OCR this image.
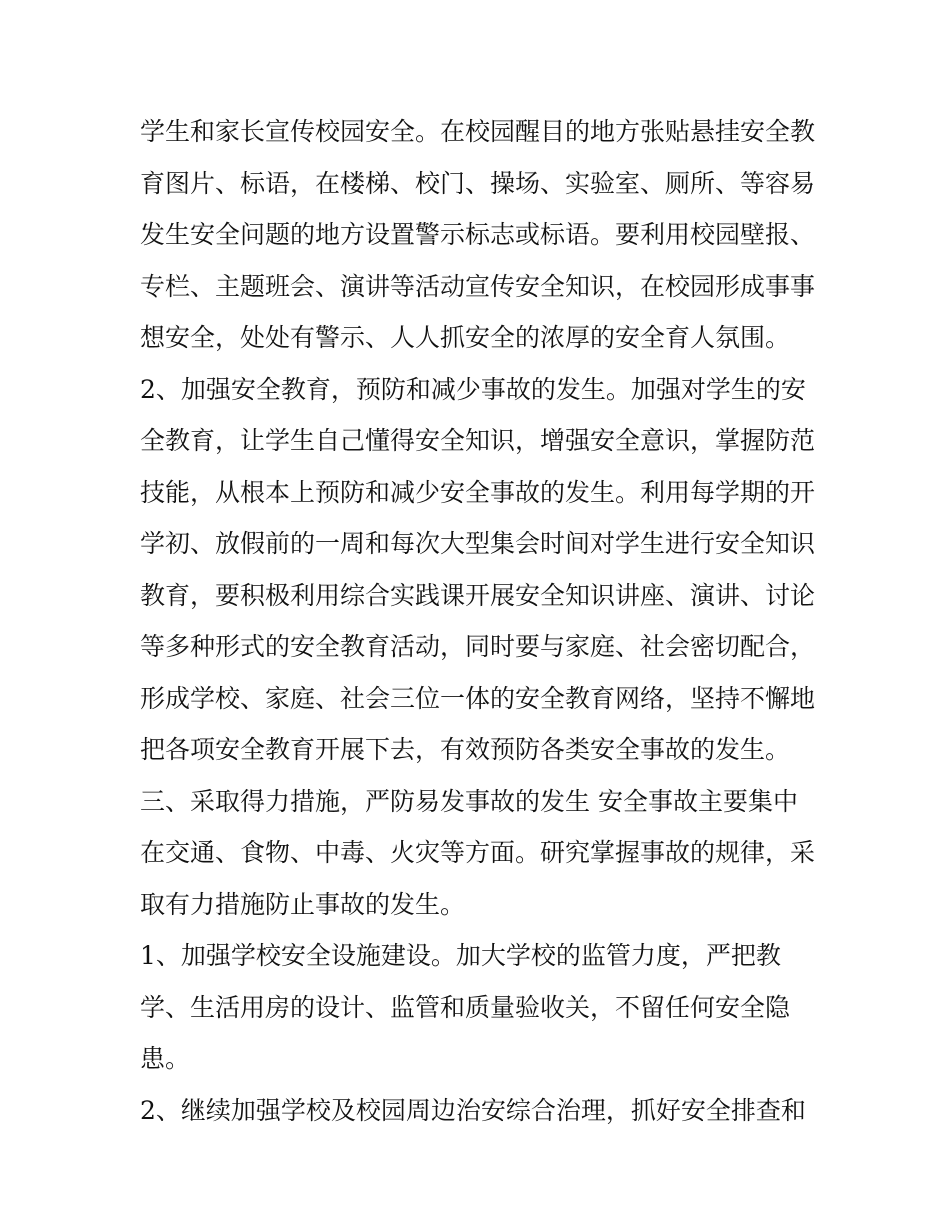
学生和家长宣传校园安全。在校园醒目的地方张贴悬挂安全教
育图片、标语，在楼梯、校门、操场、实验室、厕所、等容易
发生安全问题的地方设置警示标志或标语。要利用校园壁报、
专栏、主题班会、演讲等活动宣传安全知识，在校园形成事事
想安全，处处有警示、人人抓安全的浓厚的安全育人氛围。
2、加强安全教育，预防和减少事故的发生。加强对学生的安
全教育，让学生自己懂得安全知识，增强安全意识，掌握防范
技能，从根本上预防和减少安全事故的发生。利用每学期的开
学初、放假前的一周和每次大型集会时间对学生进行安全知识
教育，要积极利用综合实践课开展安全知识讲座、演讲、讨论
等多种形式的安全教育活动，同时要与家庭、社会密切配合，
形成学校、家庭、社会三位一体的安全教育网络，坚持不懈地
把各项安全教育开展下去，有效预防各类安全事故的发生。
三、采取得力措施，严防易发事故的发生 安全事故主要集中
在交通、食物、中毒、火灾等方面。研究掌握事故的规律，采
取有力措施防止事故的发生。
1、加强学校安全设施建设。加大学校的监管力度，严把教
学、生活用房的设计、监管和质量验收关，不留任何安全隐
患。
2、继续加强学校及校园周边治安综合治理，抓好安全排查和
